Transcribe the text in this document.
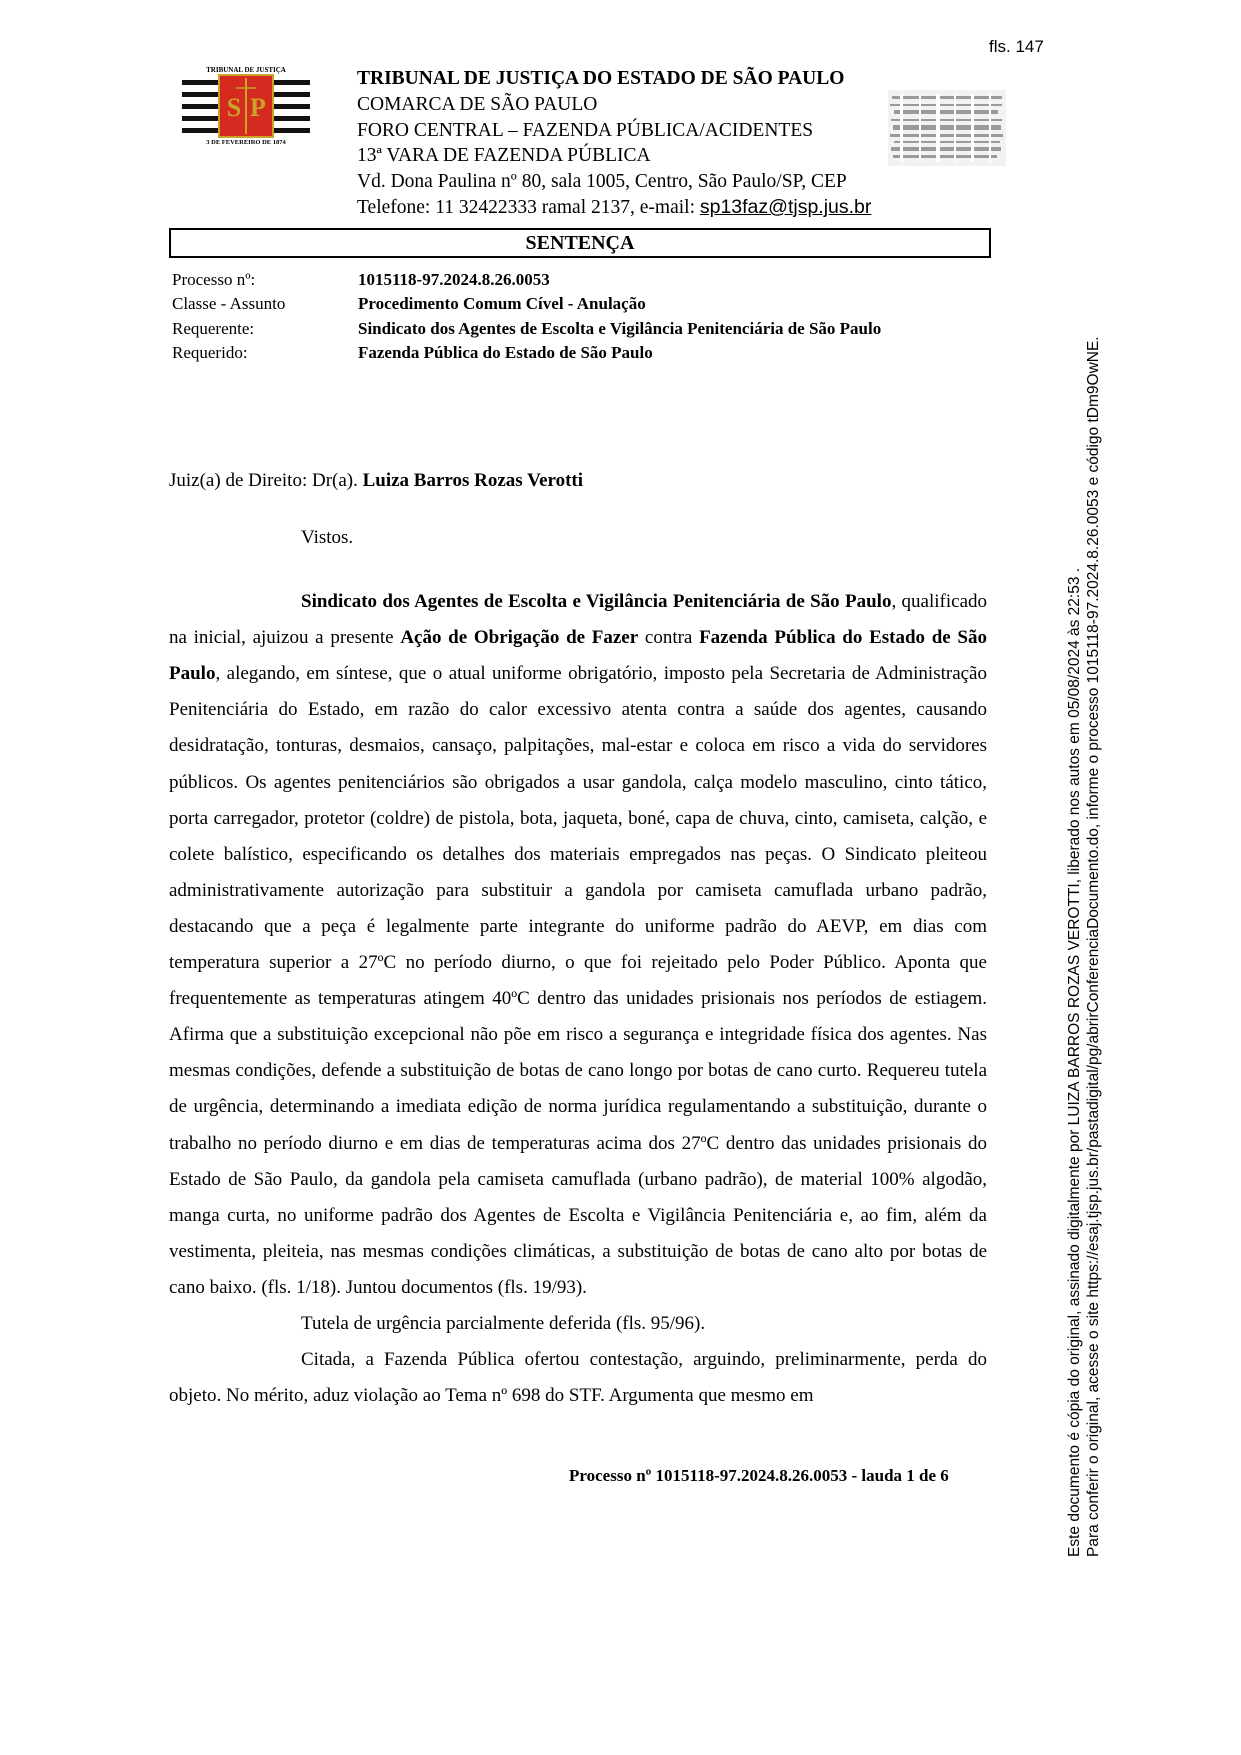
fls. 147
S P
TRIBUNAL DE JUSTIÇA
3 DE FEVEREIRO DE 1874
TRIBUNAL DE JUSTIÇA DO ESTADO DE SÃO PAULO
COMARCA DE SÃO PAULO
FORO CENTRAL – FAZENDA PÚBLICA/ACIDENTES
13ª VARA DE FAZENDA PÚBLICA
Vd. Dona Paulina nº 80, sala 1005, Centro, São Paulo/SP, CEP
Telefone: 11 32422333 ramal 2137, e-mail: sp13faz@tjsp.jus.br
SENTENÇA
Processo nº:	1015118-97.2024.8.26.0053
Classe - Assunto	Procedimento Comum Cível - Anulação
Requerente:	Sindicato dos Agentes de Escolta e Vigilância Penitenciária de São Paulo
Requerido:	Fazenda Pública do Estado de São Paulo
Juiz(a) de Direito: Dr(a). Luiza Barros Rozas Verotti

Vistos.

Sindicato dos Agentes de Escolta e Vigilância Penitenciária de São Paulo, qualificado na inicial, ajuizou a presente Ação de Obrigação de Fazer contra Fazenda Pública do Estado de São Paulo, alegando, em síntese, que o atual uniforme obrigatório, imposto pela Secretaria de Administração Penitenciária do Estado, em razão do calor excessivo atenta contra a saúde dos agentes, causando desidratação, tonturas, desmaios, cansaço, palpitações, mal-estar e coloca em risco a vida do servidores públicos. Os agentes penitenciários são obrigados a usar gandola, calça modelo masculino, cinto tático, porta carregador, protetor (coldre) de pistola, bota, jaqueta, boné, capa de chuva, cinto, camiseta, calção, e colete balístico, especificando os detalhes dos materiais empregados nas peças. O Sindicato pleiteou administrativamente autorização para substituir a gandola por camiseta camuflada urbano padrão, destacando que a peça é legalmente parte integrante do uniforme padrão do AEVP, em dias com temperatura superior a 27ºC no período diurno, o que foi rejeitado pelo Poder Público. Aponta que frequentemente as temperaturas atingem 40ºC dentro das unidades prisionais nos períodos de estiagem. Afirma que a substituição excepcional não põe em risco a segurança e integridade física dos agentes. Nas mesmas condições, defende a substituição de botas de cano longo por botas de cano curto. Requereu tutela de urgência, determinando a imediata edição de norma jurídica regulamentando a substituição, durante o trabalho no período diurno e em dias de temperaturas acima dos 27ºC dentro das unidades prisionais do Estado de São Paulo, da gandola pela camiseta camuflada (urbano padrão), de material 100% algodão, manga curta, no uniforme padrão dos Agentes de Escolta e Vigilância Penitenciária e, ao fim, além da vestimenta, pleiteia, nas mesmas condições climáticas, a substituição de botas de cano alto por botas de cano baixo. (fls. 1/18). Juntou documentos (fls. 19/93).

Tutela de urgência parcialmente deferida (fls. 95/96).

Citada, a Fazenda Pública ofertou contestação, arguindo, preliminarmente, perda do objeto. No mérito, aduz violação ao Tema nº 698 do STF. Argumenta que mesmo em

Processo nº 1015118-97.2024.8.26.0053 - lauda 1 de 6	Este documento é cópia do original, assinado digitalmente por LUIZA BARROS ROZAS VEROTTI, liberado nos autos em 05/08/2024 às 22:53 . Para conferir o original, acesse o site https://esaj.tjsp.jus.br/pastadigital/pg/abrirConferenciaDocumento.do, informe o processo 1015118-97.2024.8.26.0053 e código tDm9OwNE.
